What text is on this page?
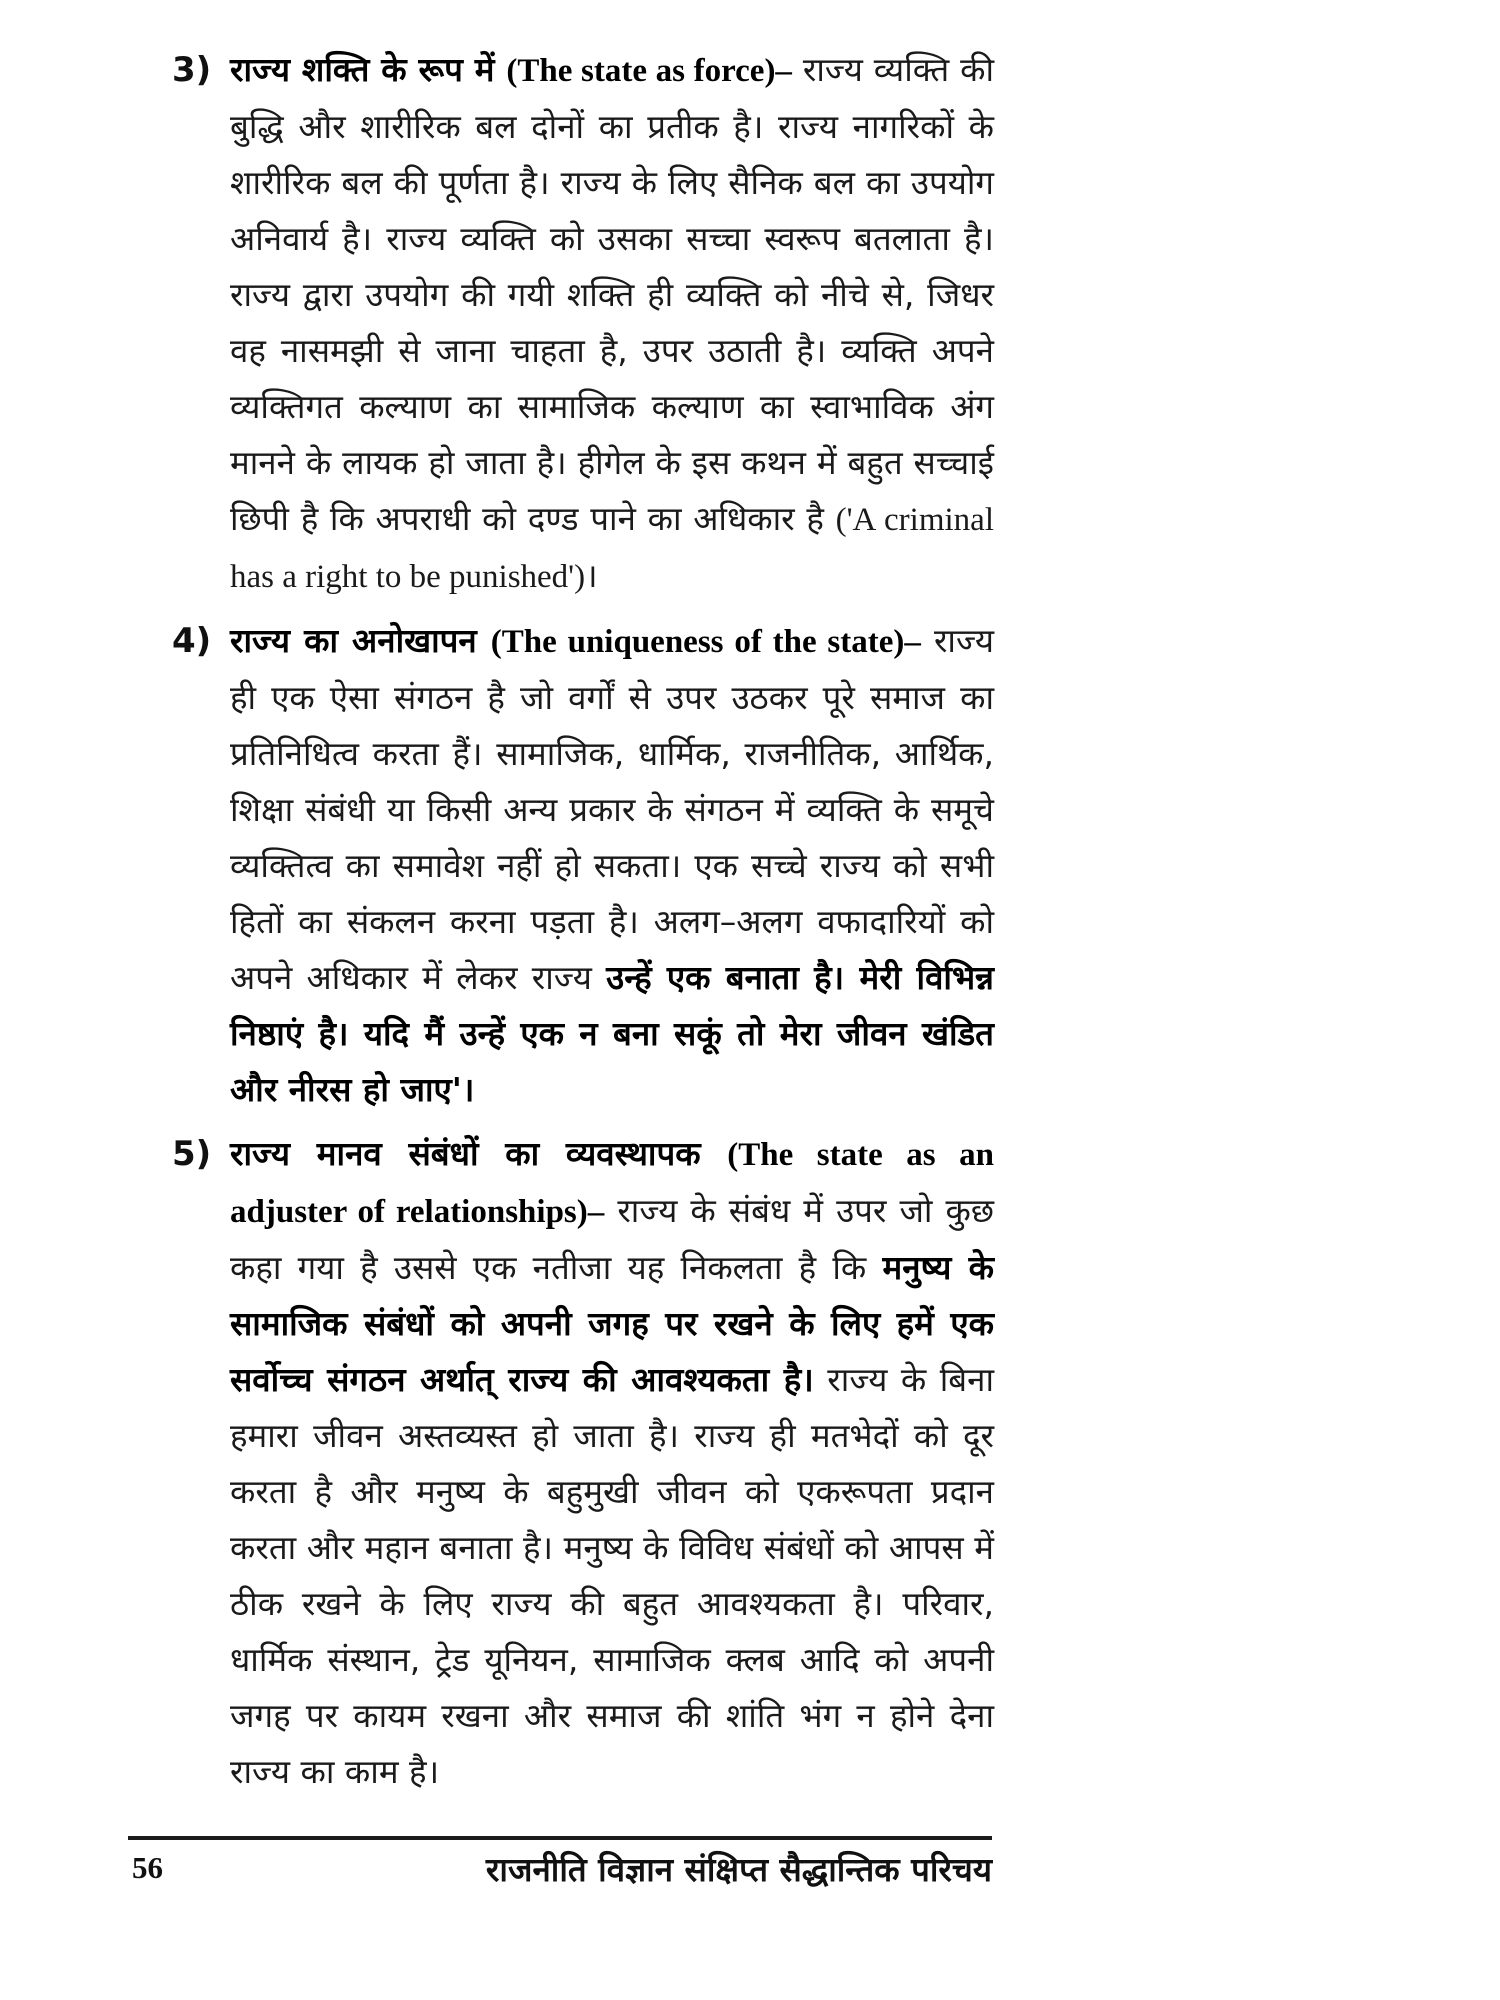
3) राज्य शक्ति के रूप में (The state as force)– राज्य व्यक्ति की बुद्धि और शारीरिक बल दोनों का प्रतीक है। राज्य नागरिकों के शारीरिक बल की पूर्णता है। राज्य के लिए सैनिक बल का उपयोग अनिवार्य है। राज्य व्यक्ति को उसका सच्चा स्वरूप बतलाता है। राज्य द्वारा उपयोग की गयी शक्ति ही व्यक्ति को नीचे से, जिधर वह नासमझी से जाना चाहता है, उपर उठाती है। व्यक्ति अपने व्यक्तिगत कल्याण का सामाजिक कल्याण का स्वाभाविक अंग मानने के लायक हो जाता है। हीगेल के इस कथन में बहुत सच्चाई छिपी है कि अपराधी को दण्ड पाने का अधिकार है ('A criminal has a right to be punished')।
4) राज्य का अनोखापन (The uniqueness of the state)– राज्य ही एक ऐसा संगठन है जो वर्गों से उपर उठकर पूरे समाज का प्रतिनिधित्व करता हैं। सामाजिक, धार्मिक, राजनीतिक, आर्थिक, शिक्षा संबंधी या किसी अन्य प्रकार के संगठन में व्यक्ति के समूचे व्यक्तित्व का समावेश नहीं हो सकता। एक सच्चे राज्य को सभी हितों का संकलन करना पड़ता है। अलग–अलग वफादारियों को अपने अधिकार में लेकर राज्य उन्हें एक बनाता है। मेरी विभिन्न निष्ठाएं है। यदि मैं उन्हें एक न बना सकूं तो मेरा जीवन खंडित और नीरस हो जाए'।
5) राज्य मानव संबंधों का व्यवस्थापक (The state as an adjuster of relationships)– राज्य के संबंध में उपर जो कुछ कहा गया है उससे एक नतीजा यह निकलता है कि मनुष्य के सामाजिक संबंधों को अपनी जगह पर रखने के लिए हमें एक सर्वोच्च संगठन अर्थात् राज्य की आवश्यकता है। राज्य के बिना हमारा जीवन अस्तव्यस्त हो जाता है। राज्य ही मतभेदों को दूर करता है और मनुष्य के बहुमुखी जीवन को एकरूपता प्रदान करता और महान बनाता है। मनुष्य के विविध संबंधों को आपस में ठीक रखने के लिए राज्य की बहुत आवश्यकता है। परिवार, धार्मिक संस्थान, ट्रेड यूनियन, सामाजिक क्लब आदि को अपनी जगह पर कायम रखना और समाज की शांति भंग न होने देना राज्य का काम है।
56	राजनीति विज्ञान संक्षिप्त सैद्धान्तिक परिचय
